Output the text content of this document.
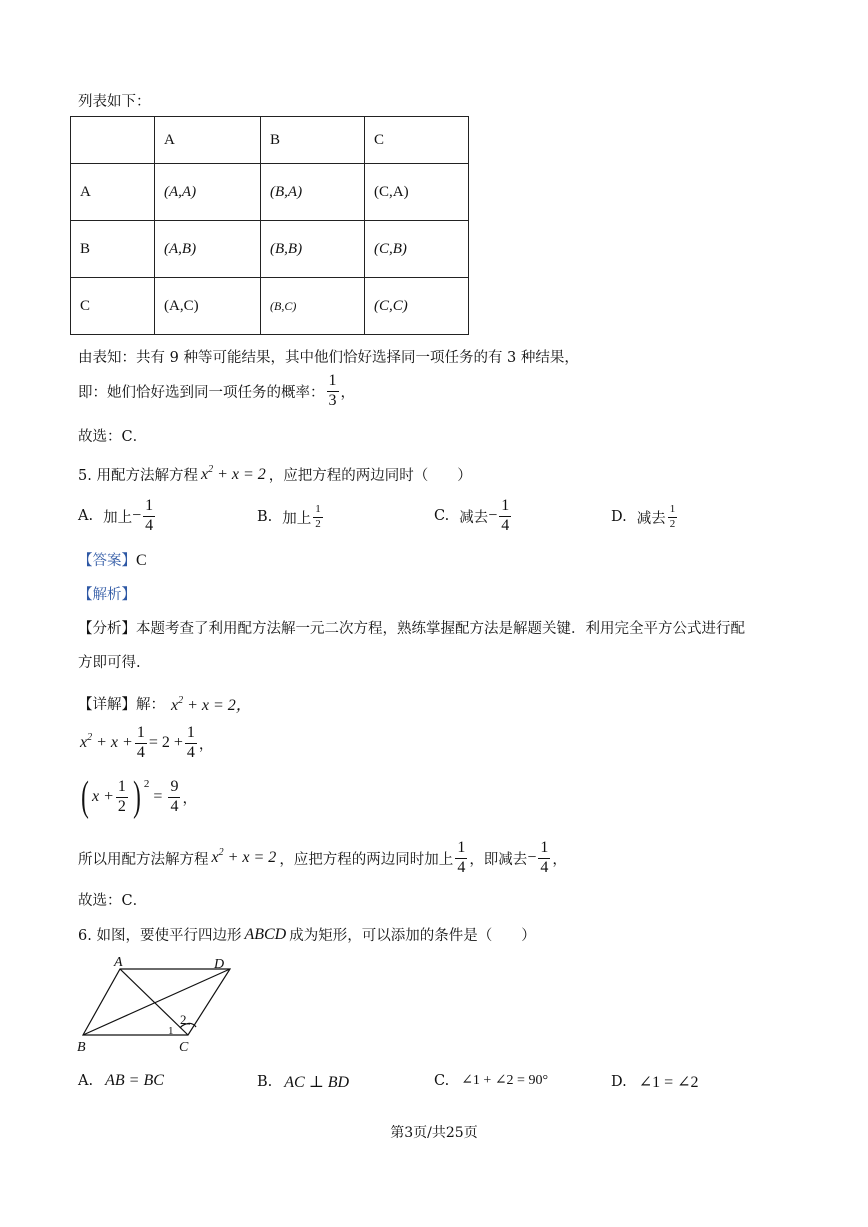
列表如下：
	A	B	C
A	(A,A)	(B,A)	(C,A)
B	(A,B)	(B,B)	(C,B)
C	(A,C)	(B,C)	(C,C)
由表知：共有 9 种等可能结果，其中他们恰好选择同一项任务的有 3 种结果，
即：她们恰好选到同一项任务的概率： $\frac{1}{3}$ ，
故选：C．
5. 用配方法解方程 $x^2 + x = 2$ ，应把方程的两边同时（　　）
A. 加上 − $\frac{1}{4}$	B. 加上 $\frac{1}{2}$	C. 减去 − $\frac{1}{4}$	D. 减去 $\frac{1}{2}$
【答案】C
【解析】
【分析】本题考查了利用配方法解一元二次方程，熟练掌握配方法是解题关键．利用完全平方公式进行配
方即可得.
【详解】 解： $x^2 + x = 2$，
$x^2 + x + \frac{1}{4} = 2 + \frac{1}{4}$ ，
( $x + \frac{1}{2}$ ) 2
= $\frac{9}{4}$ ，
所以用配方法解方程 $x^2 + x = 2$ ，应把方程的两边同时加上 $\frac{1}{4}$ ，即减去 − $\frac{1}{4}$ ，
故选：C．
6. 如图，要使平行四边形 ABCD 成为矩形，可以添加的条件是（　　）
A	D
B	C
1
2
A. AB = BC	B. AC ⊥ BD	C. ∠1 + ∠2 = 90°	D. ∠1 = ∠2
第3页/共25页
